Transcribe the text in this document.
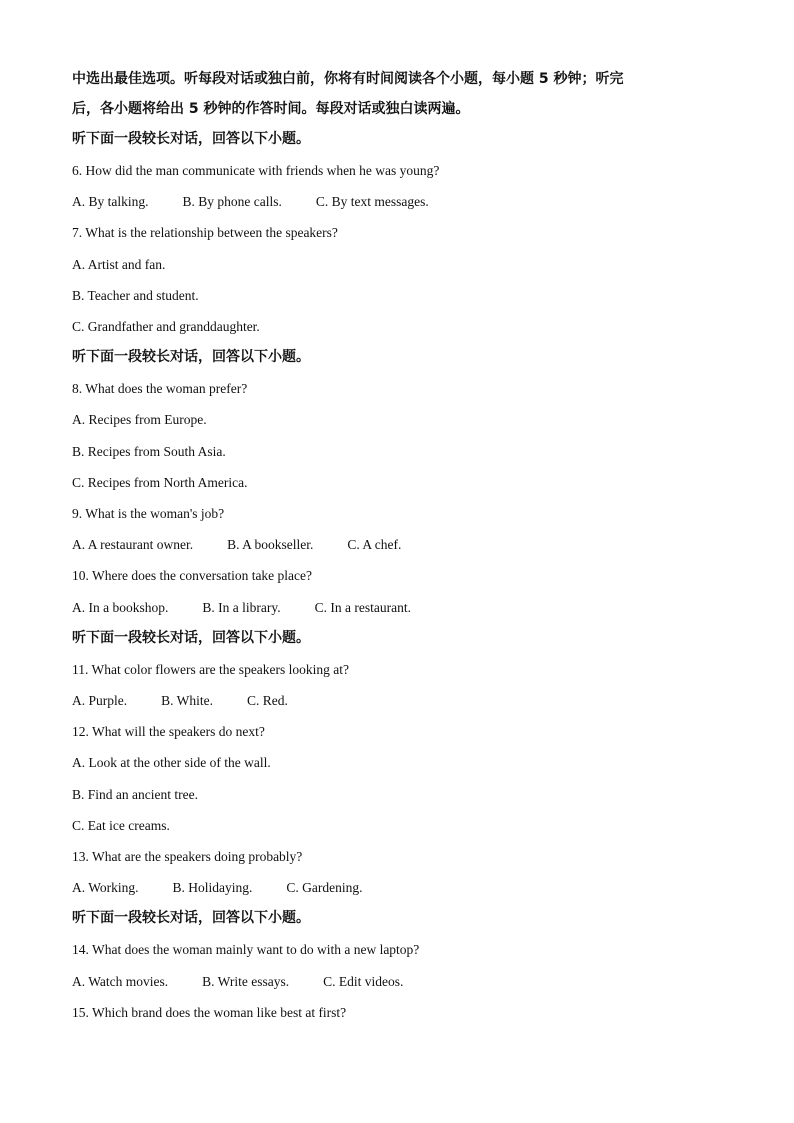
中选出最佳选项。听每段对话或独白前，你将有时间阅读各个小题，每小题 5 秒钟；听完

后，各小题将给出 5 秒钟的作答时间。每段对话或独白读两遍。

听下面一段较长对话，回答以下小题。

6. How did the man communicate with friends when he was young?

A. By talking.	B. By phone calls.	C. By text messages.

7. What is the relationship between the speakers?

A. Artist and fan.

B. Teacher and student.

C. Grandfather and granddaughter.

听下面一段较长对话，回答以下小题。

8. What does the woman prefer?

A. Recipes from Europe.

B. Recipes from South Asia.

C. Recipes from North America.

9. What is the woman's job?

A. A restaurant owner.	B. A bookseller.	C. A chef.

10. Where does the conversation take place?

A. In a bookshop.	B. In a library.	C. In a restaurant.

听下面一段较长对话，回答以下小题。

11. What color flowers are the speakers looking at?

A. Purple.	B. White.	C. Red.

12. What will the speakers do next?

A. Look at the other side of the wall.

B. Find an ancient tree.

C. Eat ice creams.

13. What are the speakers doing probably?

A. Working.	B. Holidaying.	C. Gardening.

听下面一段较长对话，回答以下小题。

14. What does the woman mainly want to do with a new laptop?

A. Watch movies.	B. Write essays.	C. Edit videos.

15. Which brand does the woman like best at first?
